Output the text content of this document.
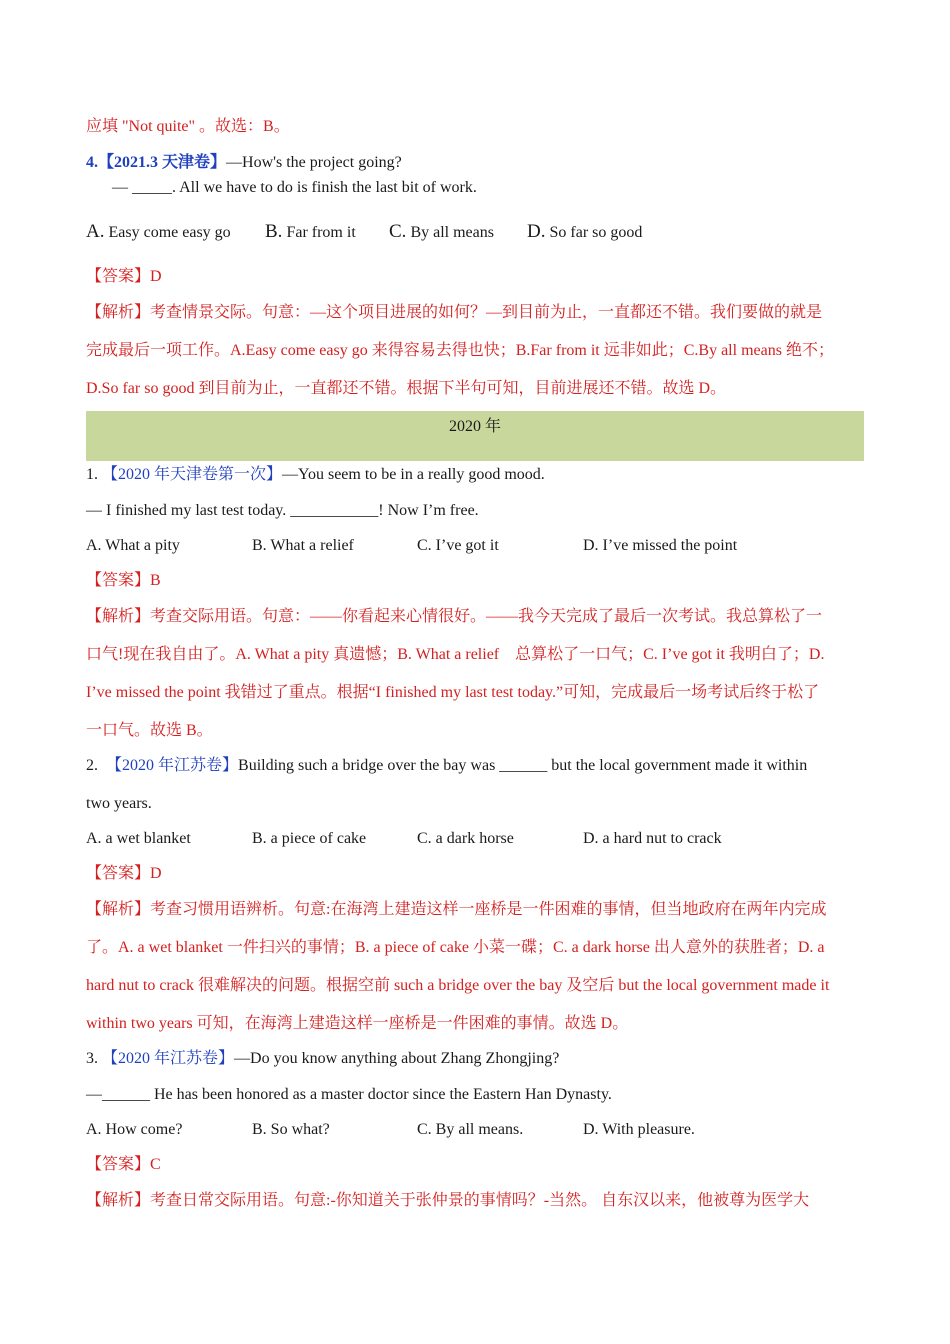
应填 "Not quite" 。故选：B。
4.【2021.3 天津卷】—How's the project going?
— _____. All we have to do is finish the last bit of work.
A. Easy come easy go B. Far from it C. By all means D. So far so good
【答案】D
【解析】考查情景交际。句意：—这个项目进展的如何？—到目前为止，一直都还不错。我们要做的就是
完成最后一项工作。A.Easy come easy go 来得容易去得也快；B.Far from it 远非如此；C.By all means 绝不；
D.So far so good 到目前为止，一直都还不错。根据下半句可知，目前进展还不错。故选 D。
2020 年
1. 【2020 年天津卷第一次】—You seem to be in a really good mood.
— I finished my last test today. ___________! Now I’m free.
A. What a pity	B. What a relief	C. I’ve got it	D. I’ve missed the point
【答案】B
【解析】考查交际用语。句意：——你看起来心情很好。——我今天完成了最后一次考试。我总算松了一
口气!现在我自由了。A. What a pity 真遗憾；B. What a relief　总算松了一口气；C. I’ve got it 我明白了；D.
I’ve missed the point 我错过了重点。根据“I finished my last test today.”可知，完成最后一场考试后终于松了
一口气。故选 B。
2. 【2020 年江苏卷】Building such a bridge over the bay was ______ but the local government made it within
two years.
A. a wet blanket	B. a piece of cake	C. a dark horse	D. a hard nut to crack
【答案】D
【解析】考查习惯用语辨析。句意:在海湾上建造这样一座桥是一件困难的事情，但当地政府在两年内完成
了。A. a wet blanket 一件扫兴的事情；B. a piece of cake 小菜一碟；C. a dark horse 出人意外的获胜者；D. a
hard nut to crack 很难解决的问题。根据空前 such a bridge over the bay 及空后 but the local government made it
within two years 可知，在海湾上建造这样一座桥是一件困难的事情。故选 D。
3. 【2020 年江苏卷】—Do you know anything about Zhang Zhongjing?
—______ He has been honored as a master doctor since the Eastern Han Dynasty.
A. How come?	B. So what?	C. By all means.	D. With pleasure.
【答案】C
【解析】考查日常交际用语。句意:-你知道关于张仲景的事情吗？-当然。 自东汉以来，他被尊为医学大
